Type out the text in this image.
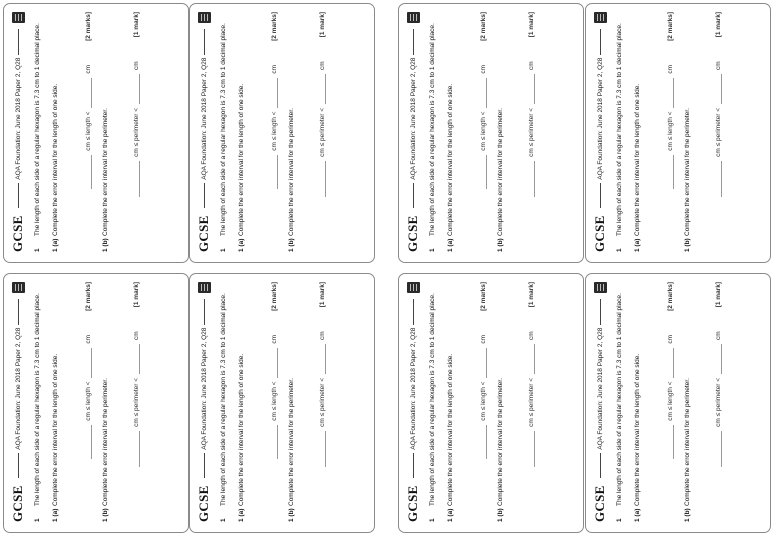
GCSE
AQA Foundation: June 2018 Paper 2, Q28
1
The length of each side of a regular hexagon is 7.3 cm to 1 decimal place.
1 (a)
Complete the error interval for the length of one side.	cm ≤ length <
cm
[2 marks]
1 (b)
Complete the error interval for the perimeter.	cm ≤ perimeter <
cm
[1 mark]
GCSE
AQA Foundation: June 2018 Paper 2, Q28
1
The length of each side of a regular hexagon is 7.3 cm to 1 decimal place.
1 (a)
Complete the error interval for the length of one side.	cm ≤ length <
cm
[2 marks]
1 (b)
Complete the error interval for the perimeter.	cm ≤ perimeter <
cm
[1 mark]
GCSE
AQA Foundation: June 2018 Paper 2, Q28
1
The length of each side of a regular hexagon is 7.3 cm to 1 decimal place.
1 (a)
Complete the error interval for the length of one side.	cm ≤ length <
cm
[2 marks]
1 (b)
Complete the error interval for the perimeter.	cm ≤ perimeter <
cm
[1 mark]
GCSE
AQA Foundation: June 2018 Paper 2, Q28
1
The length of each side of a regular hexagon is 7.3 cm to 1 decimal place.
1 (a)
Complete the error interval for the length of one side.	cm ≤ length <
cm
[2 marks]
1 (b)
Complete the error interval for the perimeter.	cm ≤ perimeter <
cm
[1 mark]
GCSE
AQA Foundation: June 2018 Paper 2, Q28
1
The length of each side of a regular hexagon is 7.3 cm to 1 decimal place.
1 (a)
Complete the error interval for the length of one side.	cm ≤ length <
cm
[2 marks]
1 (b)
Complete the error interval for the perimeter.	cm ≤ perimeter <
cm
[1 mark]
GCSE
AQA Foundation: June 2018 Paper 2, Q28
1
The length of each side of a regular hexagon is 7.3 cm to 1 decimal place.
1 (a)
Complete the error interval for the length of one side.	cm ≤ length <
cm
[2 marks]
1 (b)
Complete the error interval for the perimeter.	cm ≤ perimeter <
cm
[1 mark]
GCSE
AQA Foundation: June 2018 Paper 2, Q28
1
The length of each side of a regular hexagon is 7.3 cm to 1 decimal place.
1 (a)
Complete the error interval for the length of one side.	cm ≤ length <
cm
[2 marks]
1 (b)
Complete the error interval for the perimeter.	cm ≤ perimeter <
cm
[1 mark]
GCSE
AQA Foundation: June 2018 Paper 2, Q28
1
The length of each side of a regular hexagon is 7.3 cm to 1 decimal place.
1 (a)
Complete the error interval for the length of one side.	cm ≤ length <
cm
[2 marks]
1 (b)
Complete the error interval for the perimeter.	cm ≤ perimeter <
cm
[1 mark]
